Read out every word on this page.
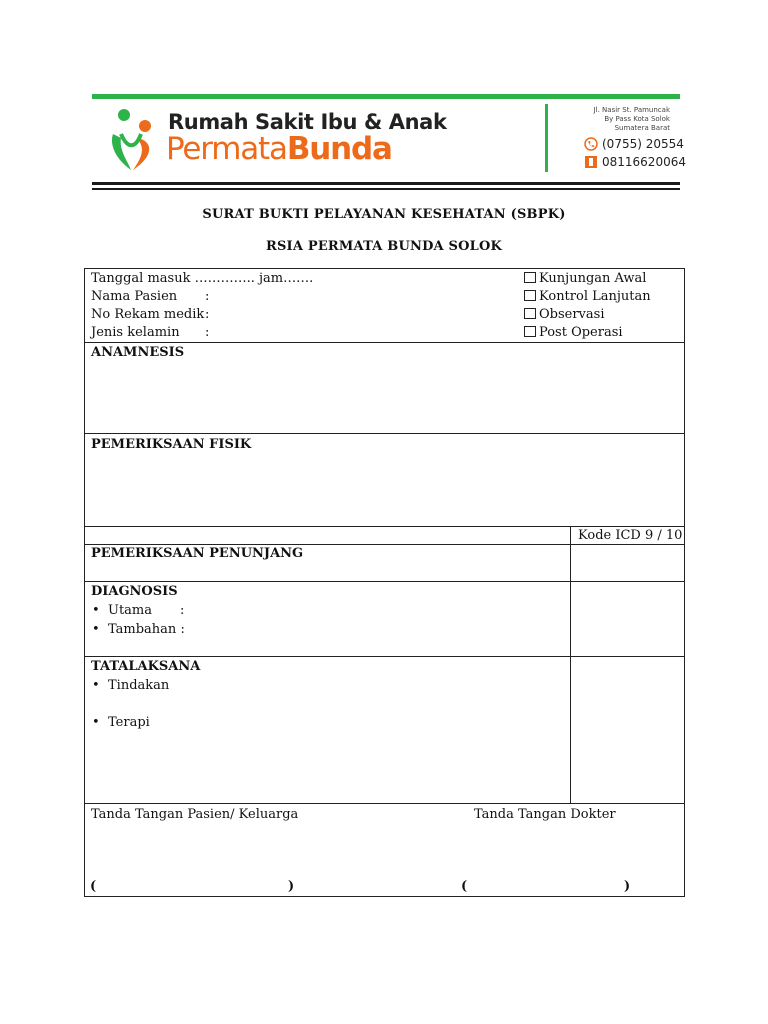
Rumah Sakit Ibu & Anak
PermataBunda
Jl. Nasir St. Pamuncak
By Pass Kota Solok
Sumatera Barat
(0755) 20554
08116620064
SURAT BUKTI PELAYANAN KESEHATAN (SBPK)
RSIA PERMATA BUNDA SOLOK
Tanggal masuk ………….. jam…….
Nama Pasien :
No Rekam medik :
Jenis kelamin :
Kunjungan Awal
Kontrol Lanjutan
Observasi
Post Operasi
ANAMNESIS
PEMERIKSAAN FISIK
Kode ICD 9 / 10
PEMERIKSAAN PENUNJANG
DIAGNOSIS
• Utama :
• Tambahan :
TATALAKSANA
• Tindakan
• Terapi
Tanda Tangan Pasien/ Keluarga	Tanda Tangan Dokter
(	)	(	)
